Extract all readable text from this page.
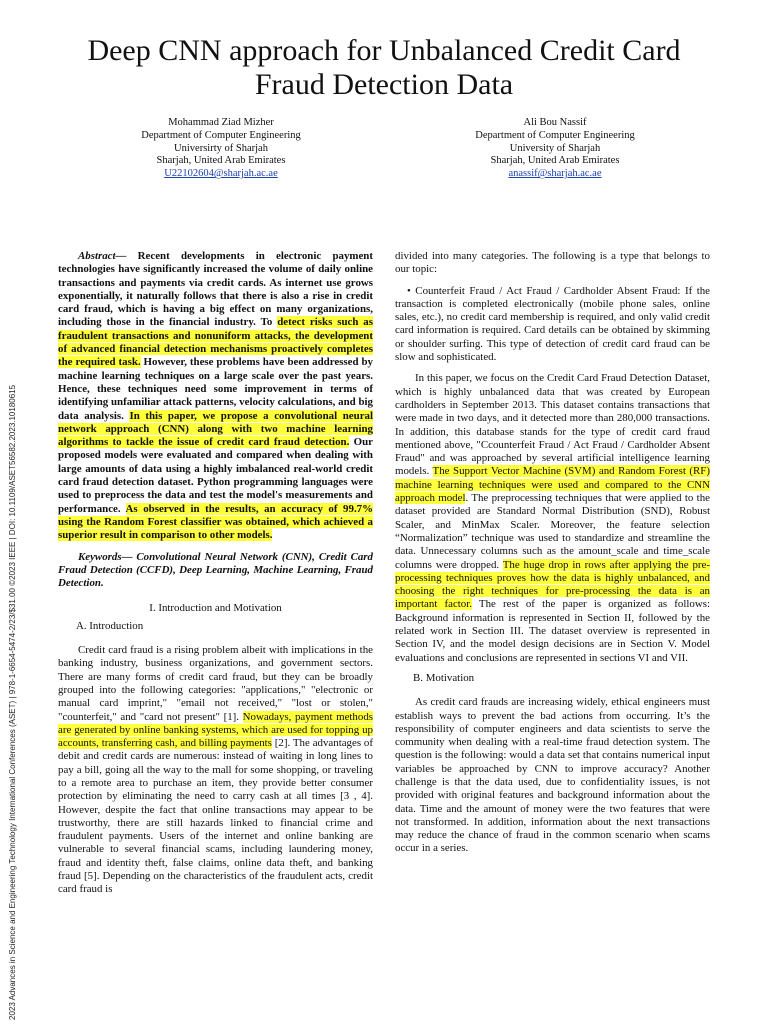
Deep CNN approach for Unbalanced Credit Card Fraud Detection Data
Mohammad Ziad Mizher
Department of Computer Engineering
Universirty of Sharjah
Sharjah, United Arab Emirates
U22102604@sharjah.ac.ae
Ali Bou Nassif
Department of Computer Engineering
University of Sharjah
Sharjah, United Arab Emirates
anassif@sharjah.ac.ae
2023 Advances in Science and Engineering Technology International Conferences (ASET) | 978-1-6654-5474-2/23/$31.00 ©2023 IEEE | DOI: 10.1109/ASET56582.2023.10180615

Abstract— Recent developments in electronic payment technologies have significantly increased the volume of daily online transactions and payments via credit cards. As internet use grows exponentially, it naturally follows that there is also a rise in credit card fraud, which is having a big effect on many organizations, including those in the financial industry. To detect risks such as fraudulent transactions and nonuniform attacks, the development of advanced financial detection mechanisms proactively completes the required task. However, these problems have been addressed by machine learning techniques on a large scale over the past years. Hence, these techniques need some improvement in terms of identifying unfamiliar attack patterns, velocity calculations, and big data analysis. In this paper, we propose a convolutional neural network approach (CNN) along with two machine learning algorithms to tackle the issue of credit card fraud detection. Our proposed models were evaluated and compared when dealing with large amounts of data using a highly imbalanced real-world credit card fraud detection dataset. Python programming languages were used to preprocess the data and test the model's measurements and performance. As observed in the results, an accuracy of 99.7% using the Random Forest classifier was obtained, which achieved a superior result in comparison to other models.

Keywords— Convolutional Neural Network (CNN), Credit Card Fraud Detection (CCFD), Deep Learning, Machine Learning, Fraud Detection.

I. Introduction and Motivation
A. Introduction

Credit card fraud is a rising problem albeit with implications in the banking industry, business organizations, and government sectors. There are many forms of credit card fraud, but they can be broadly grouped into the following categories: "applications," "electronic or manual card imprint," "email not received," "lost or stolen," "counterfeit," and "card not present" [1]. Nowadays, payment methods are generated by online banking systems, which are used for topping up accounts, transferring cash, and billing payments [2]. The advantages of debit and credit cards are numerous: instead of waiting in long lines to pay a bill, going all the way to the mall for some shopping, or traveling to a remote area to purchase an item, they provide better consumer protection by eliminating the need to carry cash at all times [3 , 4]. However, despite the fact that online transactions may appear to be trustworthy, there are still hazards linked to financial crime and fraudulent payments. Users of the internet and online banking are vulnerable to several financial scams, including laundering money, fraud and identity theft, false claims, online data theft, and banking fraud [5]. Depending on the characteristics of the fraudulent acts, credit card fraud is

divided into many categories. The following is a type that belongs to our topic:

• Counterfeit Fraud / Act Fraud / Cardholder Absent Fraud: If the transaction is completed electronically (mobile phone sales, online sales, etc.), no credit card membership is required, and only valid credit card information is required. Card details can be obtained by skimming or shoulder surfing. This type of detection of credit card fraud can be slow and sophisticated.

In this paper, we focus on the Credit Card Fraud Detection Dataset, which is highly unbalanced data that was created by European cardholders in September 2013. This dataset contains transactions that were made in two days, and it detected more than 280,000 transactions. In addition, this database stands for the type of credit card fraud mentioned above, "Ccounterfeit Fraud / Act Fraud / Cardholder Absent Fraud" and was approached by several artificial intelligence learning models. The Support Vector Machine (SVM) and Random Forest (RF) machine learning techniques were used and compared to the CNN approach model. The preprocessing techniques that were applied to the dataset provided are Standard Normal Distribution (SND), Robust Scaler, and MinMax Scaler. Moreover, the feature selection “Normalization” technique was used to standardize and streamline the data. Unnecessary columns such as the amount_scale and time_scale columns were dropped. The huge drop in rows after applying the pre-processing techniques proves how the data is highly unbalanced, and choosing the right techniques for pre-processing the data is an important factor. The rest of the paper is organized as follows: Background information is represented in Section II, followed by the related work in Section III. The dataset overview is represented in Section IV, and the model design decisions are in Section V. Model evaluations and conclusions are represented in sections VI and VII.

B. Motivation

As credit card frauds are increasing widely, ethical engineers must establish ways to prevent the bad actions from occurring. It’s the responsibility of computer engineers and data scientists to serve the community when dealing with a real-time fraud detection system. The question is the following: would a data set that contains numerical input variables be approached by CNN to improve accuracy? Another challenge is that the data used, due to confidentiality issues, is not provided with original features and background information about the data. Time and the amount of money were the two features that were not transformed. In addition, information about the next transactions may reduce the chance of fraud in the common scenario when scams occur in a series.
